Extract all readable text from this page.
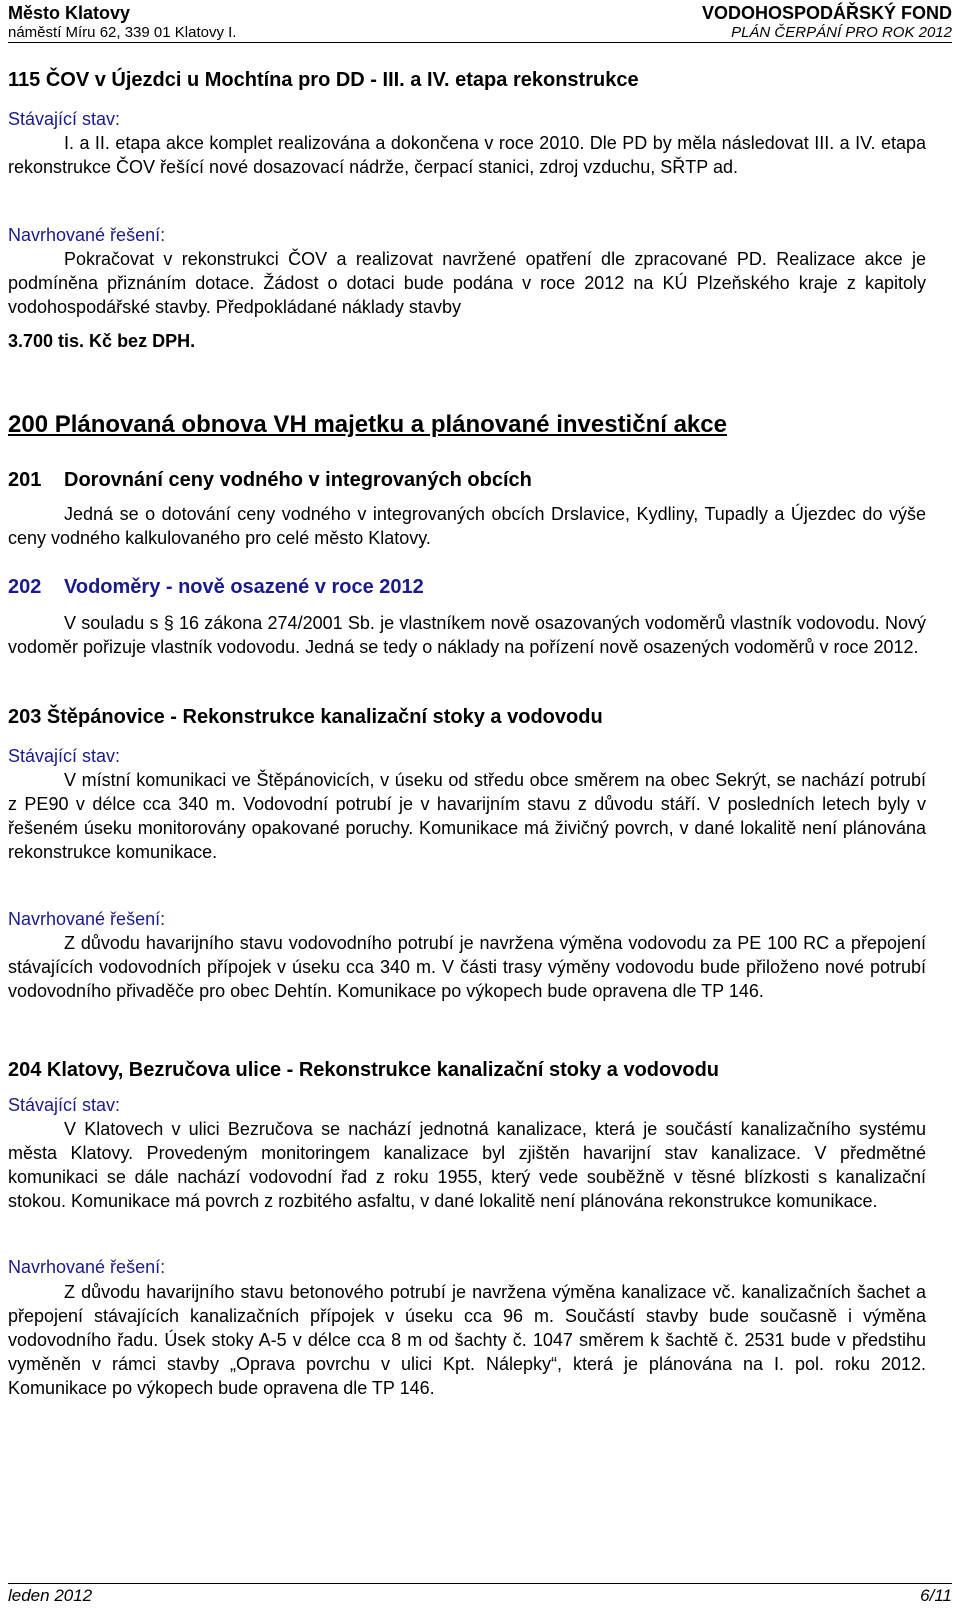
Město Klatovy
náměstí Míru 62, 339 01 Klatovy I.
VODOHOSPODÁŘSKÝ FOND
PLÁN ČERPÁNÍ PRO ROK 2012
115 ČOV v Újezdci u Mochtína pro DD - III. a IV. etapa rekonstrukce
Stávající stav:
I. a II. etapa akce komplet realizována a dokončena v roce 2010. Dle PD by měla následovat III. a IV. etapa rekonstrukce ČOV řešící nové dosazovací nádrže, čerpací stanici, zdroj vzduchu, SŘTP ad.
Navrhované řešení:
Pokračovat v rekonstrukci ČOV a realizovat navržené opatření dle zpracované PD. Realizace akce je podmíněna přiznáním dotace. Žádost o dotaci bude podána v roce 2012 na KÚ Plzeňského kraje z kapitoly vodohospodářské stavby. Předpokládané náklady stavby
3.700 tis. Kč bez DPH.
200 Plánovaná obnova VH majetku a plánované investiční akce
201 Dorovnání ceny vodného v integrovaných obcích
Jedná se o dotování ceny vodného v integrovaných obcích Drslavice, Kydliny, Tupadly a Újezdec do výše ceny vodného kalkulovaného pro celé město Klatovy.
202 Vodoměry - nově osazené v roce 2012
V souladu s § 16 zákona 274/2001 Sb. je vlastníkem nově osazovaných vodoměrů vlastník vodovodu. Nový vodoměr pořizuje vlastník vodovodu. Jedná se tedy o náklady na pořízení nově osazených vodoměrů v roce 2012.
203 Štěpánovice - Rekonstrukce kanalizační stoky a vodovodu
Stávající stav:
V místní komunikaci ve Štěpánovicích, v úseku od středu obce směrem na obec Sekrýt, se nachází potrubí z PE90 v délce cca 340 m. Vodovodní potrubí je v havarijním stavu z důvodu stáří. V posledních letech byly v řešeném úseku monitorovány opakované poruchy. Komunikace má živičný povrch, v dané lokalitě není plánována rekonstrukce komunikace.
Navrhované řešení:
Z důvodu havarijního stavu vodovodního potrubí je navržena výměna vodovodu za PE 100 RC a přepojení stávajících vodovodních přípojek v úseku cca 340 m. V části trasy výměny vodovodu bude přiloženo nové potrubí vodovodního přivaděče pro obec Dehtín. Komunikace po výkopech bude opravena dle TP 146.
204 Klatovy, Bezručova ulice - Rekonstrukce kanalizační stoky a vodovodu
Stávající stav:
V Klatovech v ulici Bezručova se nachází jednotná kanalizace, která je součástí kanalizačního systému města Klatovy. Provedeným monitoringem kanalizace byl zjištěn havarijní stav kanalizace. V předmětné komunikaci se dále nachází vodovodní řad z roku 1955, který vede souběžně v těsné blízkosti s kanalizační stokou. Komunikace má povrch z rozbitého asfaltu, v dané lokalitě není plánována rekonstrukce komunikace.
Navrhované řešení:
Z důvodu havarijního stavu betonového potrubí je navržena výměna kanalizace vč. kanalizačních šachet a přepojení stávajících kanalizačních přípojek v úseku cca 96 m. Součástí stavby bude současně i výměna vodovodního řadu. Úsek stoky A-5 v délce cca 8 m od šachty č. 1047 směrem k šachtě č. 2531 bude v předstihu vyměněn v rámci stavby „Oprava povrchu v ulici Kpt. Nálepky“, která je plánována na I. pol. roku 2012. Komunikace po výkopech bude opravena dle TP 146.
leden 2012	6/11
